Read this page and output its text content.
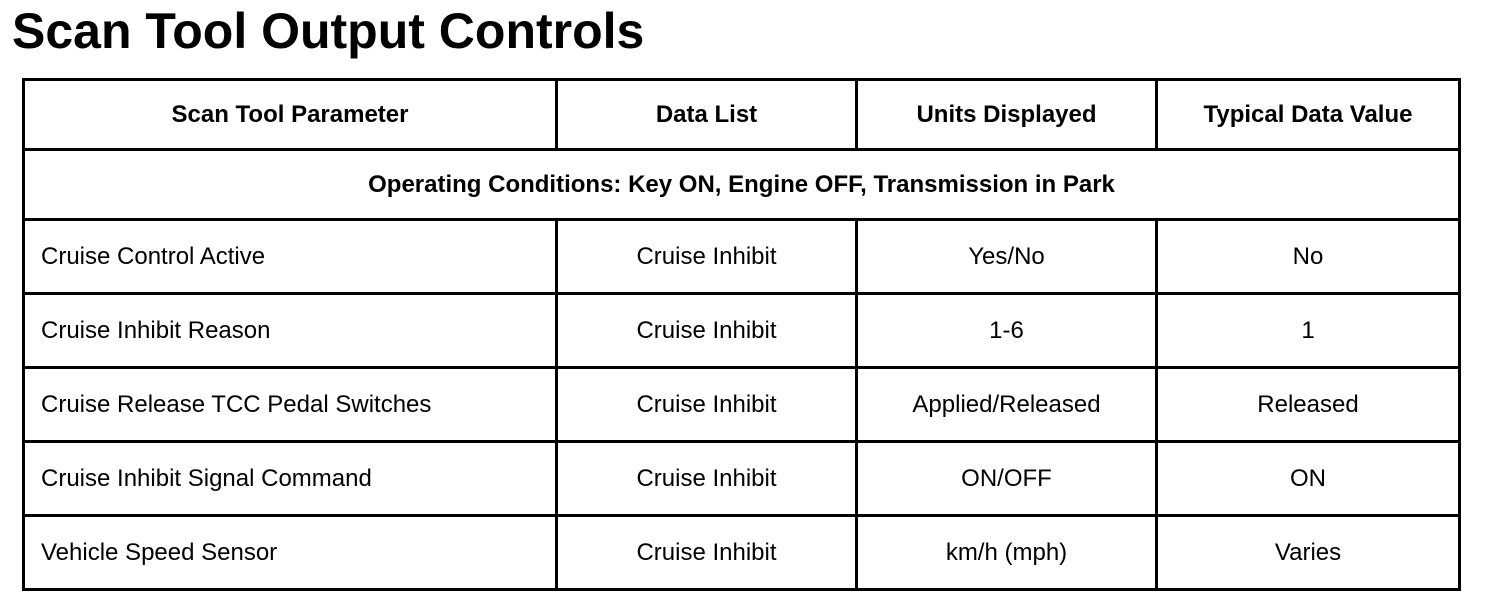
Scan Tool Output Controls
Scan Tool Parameter	Data List	Units Displayed	Typical Data Value
Operating Conditions: Key ON, Engine OFF, Transmission in Park			
Cruise Control Active	Cruise Inhibit	Yes/No	No
Cruise Inhibit Reason	Cruise Inhibit	1-6	1
Cruise Release TCC Pedal Switches	Cruise Inhibit	Applied/Released	Released
Cruise Inhibit Signal Command	Cruise Inhibit	ON/OFF	ON
Vehicle Speed Sensor	Cruise Inhibit	km/h (mph)	Varies
